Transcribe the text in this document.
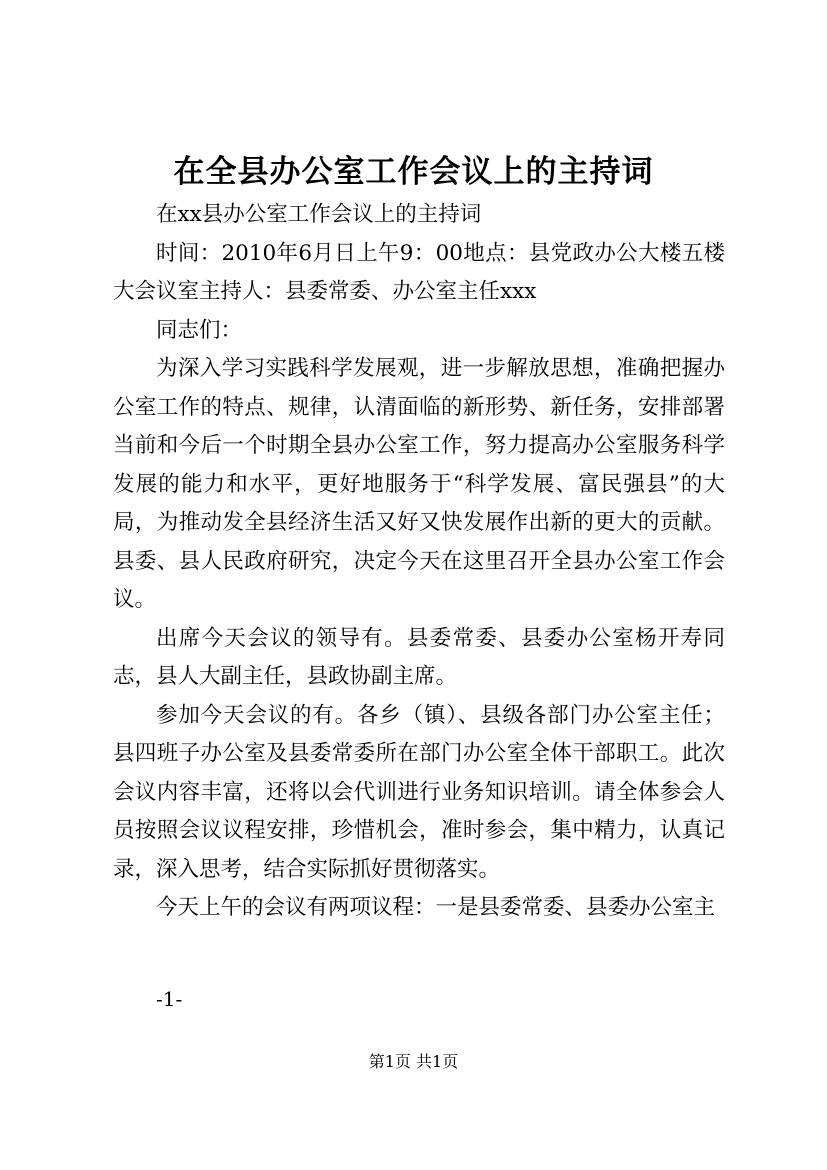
在全县办公室工作会议上的主持词

在xx县办公室工作会议上的主持词

时间：2010年6月日上午9：00地点：县党政办公大楼五楼大会议室主持人：县委常委、办公室主任xxx

同志们：

为深入学习实践科学发展观，进一步解放思想，准确把握办公室工作的特点、规律，认清面临的新形势、新任务，安排部署当前和今后一个时期全县办公室工作，努力提高办公室服务科学发展的能力和水平，更好地服务于“科学发展、富民强县”的大局，为推动发全县经济生活又好又快发展作出新的更大的贡献。县委、县人民政府研究，决定今天在这里召开全县办公室工作会议。

出席今天会议的领导有。县委常委、县委办公室杨开寿同志，县人大副主任，县政协副主席。

参加今天会议的有。各乡（镇）、县级各部门办公室主任；县四班子办公室及县委常委所在部门办公室全体干部职工。此次会议内容丰富，还将以会代训进行业务知识培训。请全体参会人员按照会议议程安排，珍惜机会，准时参会，集中精力，认真记录，深入思考，结合实际抓好贯彻落实。

今天上午的会议有两项议程：一是县委常委、县委办公室主

-1-
第1页 共1页
